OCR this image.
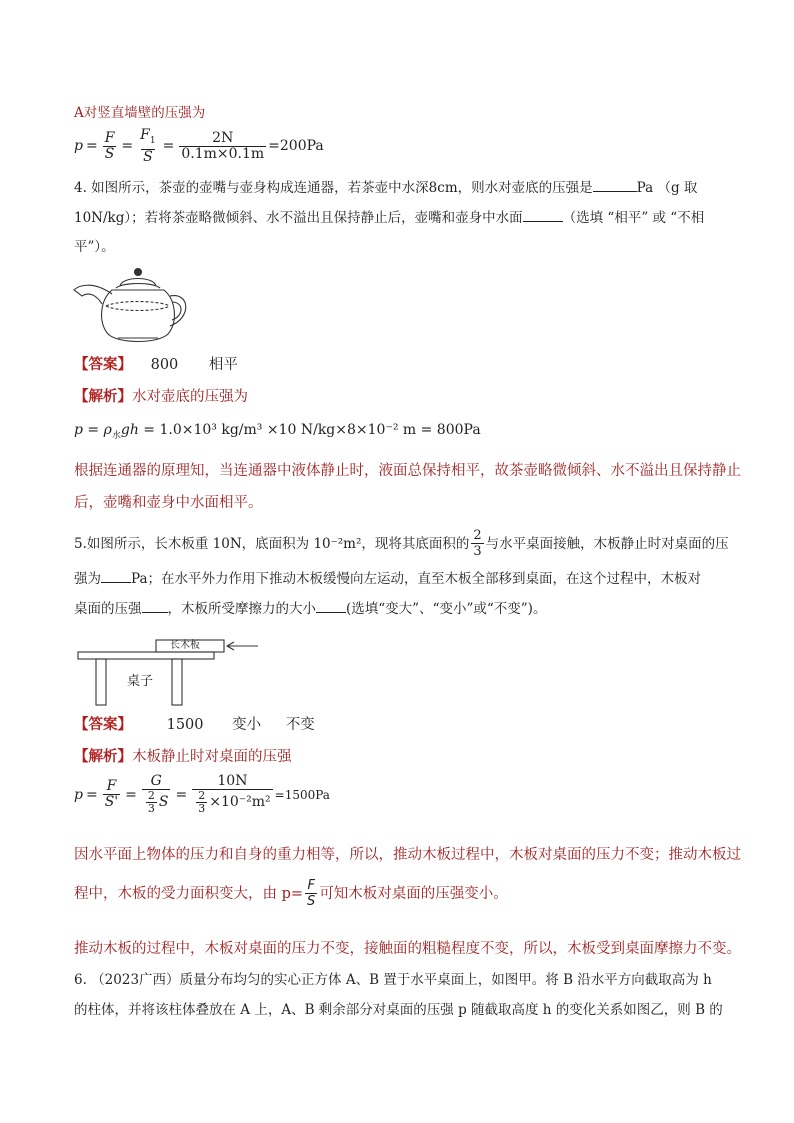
A对竖直墙壁的压强为
$p = \frac{F}{S} = \frac{F_1}{S} = \frac{2N}{0.1m\times 0.1m} =200Pa$
4. 如图所示，茶壶的壶嘴与壶身构成连通器，若茶壶中水深8cm，则水对壶底的压强是	Pa （g 取
10N/kg）；若将茶壶略微倾斜、水不溢出且保持静止后，壶嘴和壶身中水面	（选填 “相平” 或 “不相
平”）。
【答案】 800 相平
【解析】水对壶底的压强为
$p = \rho_水gh = 1.0\times 10^3$ kg/m³ ×10 N/kg×8×10⁻² m = 800Pa
根据连通器的原理知，当连通器中液体静止时，液面总保持相平，故茶壶略微倾斜、水不溢出且保持静止
后，壶嘴和壶身中水面相平。
5.如图所示，长木板重 10N，底面积为 10⁻²m²，现将其底面积的 $\frac{2}{3}$ 与水平桌面接触，木板静止时对桌面的压
强为 Pa；在水平外力作用下推动木板缓慢向左运动，直至木板全部移到桌面，在这个过程中，木板对
桌面的压强 ，木板所受摩擦力的大小 (选填“变大”、“变小”或“不变”)。
长木板
桌子
【答案】 1500 变小 不变
【解析】木板静止时对桌面的压强
$p = \frac{F}{S'} = \frac{G}{\frac{2}{3} S} = \frac{10N}{\frac{2}{3} \times 10^{-2}m^2} =1500Pa$
因水平面上物体的压力和自身的重力相等，所以，推动木板过程中，木板对桌面的压力不变；推动木板过
程中，木板的受力面积变大，由 $p= \frac{F}{S}$ 可知木板对桌面的压强变小。
推动木板的过程中，木板对桌面的压力不变，接触面的粗糙程度不变，所以，木板受到桌面摩擦力不变。
6. （2023广西）质量分布均匀的实心正方体 A、B 置于水平桌面上，如图甲。将 B 沿水平方向截取高为 h
的柱体，并将该柱体叠放在 A 上，A、B 剩余部分对桌面的压强 p 随截取高度 h 的变化关系如图乙，则 B 的
